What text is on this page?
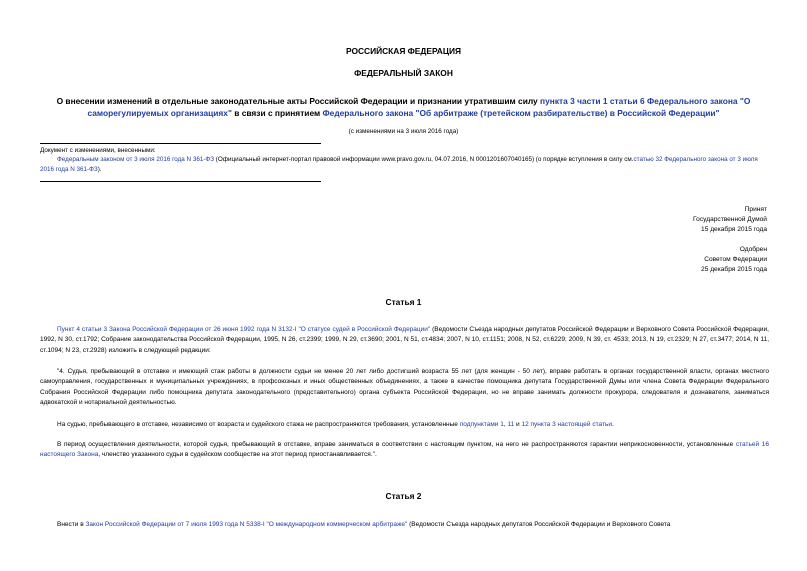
РОССИЙСКАЯ ФЕДЕРАЦИЯ
ФЕДЕРАЛЬНЫЙ ЗАКОН
О внесении изменений в отдельные законодательные акты Российской Федерации и признании утратившим силу пункта 3 части 1 статьи 6 Федерального закона "О саморегулируемых организациях" в связи с принятием Федерального закона "Об арбитраже (третейском разбирательстве) в Российской Федерации"
(с изменениями на 3 июля 2016 года)
Документ с изменениями, внесенными:
Федеральным законом от 3 июля 2016 года N 361-ФЗ (Официальный интернет-портал правовой информации www.pravo.gov.ru, 04.07.2016, N 0001201607040165) (о порядке вступления в силу см.статью 32 Федерального закона от 3 июля 2016 года N 361-ФЗ).
Принят
Государственной Думой
15 декабря 2015 года
Одобрен
Советом Федерации
25 декабря 2015 года
Статья 1
Пункт 4 статьи 3 Закона Российской Федерации от 26 июня 1992 года N 3132-I "О статусе судей в Российской Федерации" (Ведомости Съезда народных депутатов Российской Федерации и Верховного Совета Российской Федерации, 1992, N 30, ст.1792; Собрание законодательства Российской Федерации, 1995, N 26, ст.2399; 1999, N 29, ст.3690; 2001, N 51, ст.4834; 2007, N 10, ст.1151; 2008, N 52, ст.6229; 2009, N 39, ст. 4533; 2013, N 19, ст.2329; N 27, ст.3477; 2014, N 11, ст.1094; N 23, ст.2928) изложить в следующей редакции:
"4. Судья, пребывающий в отставке и имеющий стаж работы в должности судьи не менее 20 лет либо достигший возраста 55 лет (для женщин - 50 лет), вправе работать в органах государственной власти, органах местного самоуправления, государственных и муниципальных учреждениях, в профсоюзных и иных общественных объединениях, а также в качестве помощника депутата Государственной Думы или члена Совета Федерации Федерального Собрания Российской Федерации либо помощника депутата законодательного (представительного) органа субъекта Российской Федерации, но не вправе занимать должности прокурора, следователя и дознавателя, заниматься адвокатской и нотариальной деятельностью.
На судью, пребывающего в отставке, независимо от возраста и судейского стажа не распространяются требования, установленные подпунктами 1, 11 и 12 пункта 3 настоящей статьи.
В период осуществления деятельности, которой судья, пребывающий в отставке, вправе заниматься в соответствии с настоящим пунктом, на него не распространяются гарантии неприкосновенности, установленные статьей 16 настоящего Закона, членство указанного судьи в судейском сообществе на этот период приостанавливается.".
Статья 2
Внести в Закон Российской Федерации от 7 июля 1993 года N 5338-I "О международном коммерческом арбитраже" (Ведомости Съезда народных депутатов Российской Федерации и Верховного Совета
